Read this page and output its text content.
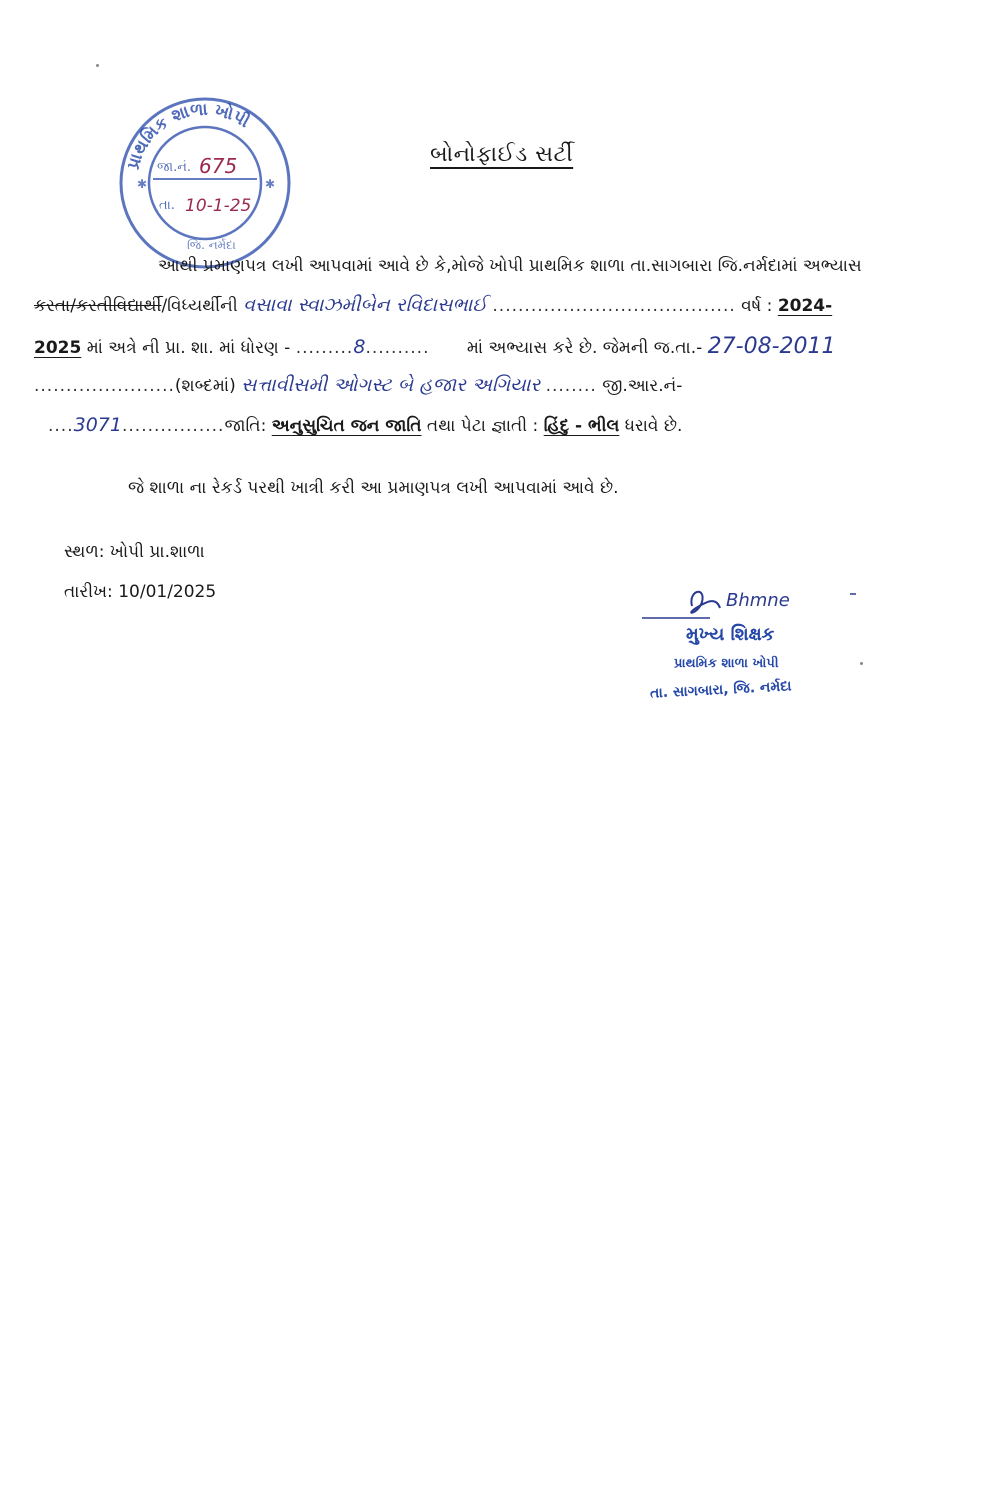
પ્રાથમિક શાળા ખોપી
✱	✱
જા.નં. 675
તા. 10-1-25
જિ. નર્મદા
બોનોફાઈડ સર્ટી
આથી પ્રમાણપત્ર લખી આપવામાં આવે છે કે,મોજે ખોપી પ્રાથમિક શાળા તા.સાગબારા જિ.નર્મદામાં અભ્યાસ
કરતા/કરતીવિદ્યાર્થી/વિધ્યર્થીની વસાવા સ્વાઝમીબેન રવિદાસભાઈ ...................................... વર્ષ : 2024-
2025 માં અત્રે ની પ્રા. શા. માં ધોરણ - .........8.......... માં અભ્યાસ કરે છે. જેમની જ.તા.- 27-08-2011
......................(શબ્દમાં) સત્તાવીસમી ઓગસ્ટ બે હજાર અગિયાર ........ જી.આર.નં-
....3071................જાતિ: અનુસુચિત જન જાતિ તથા પેટા જ્ઞાતી : હિંદુ - ભીલ ધરાવે છે.
જે શાળા ના રેકર્ડ પરથી ખાત્રી કરી આ પ્રમાણપત્ર લખી આપવામાં આવે છે.
સ્થળ: ખોપી પ્રા.શાળા
તારીખ: 10/01/2025	Bhmne
મુખ્ય શિક્ષક
પ્રાથમિક શાળા ખોપી
તા. સાગબારા, જિ. નર્મદા
